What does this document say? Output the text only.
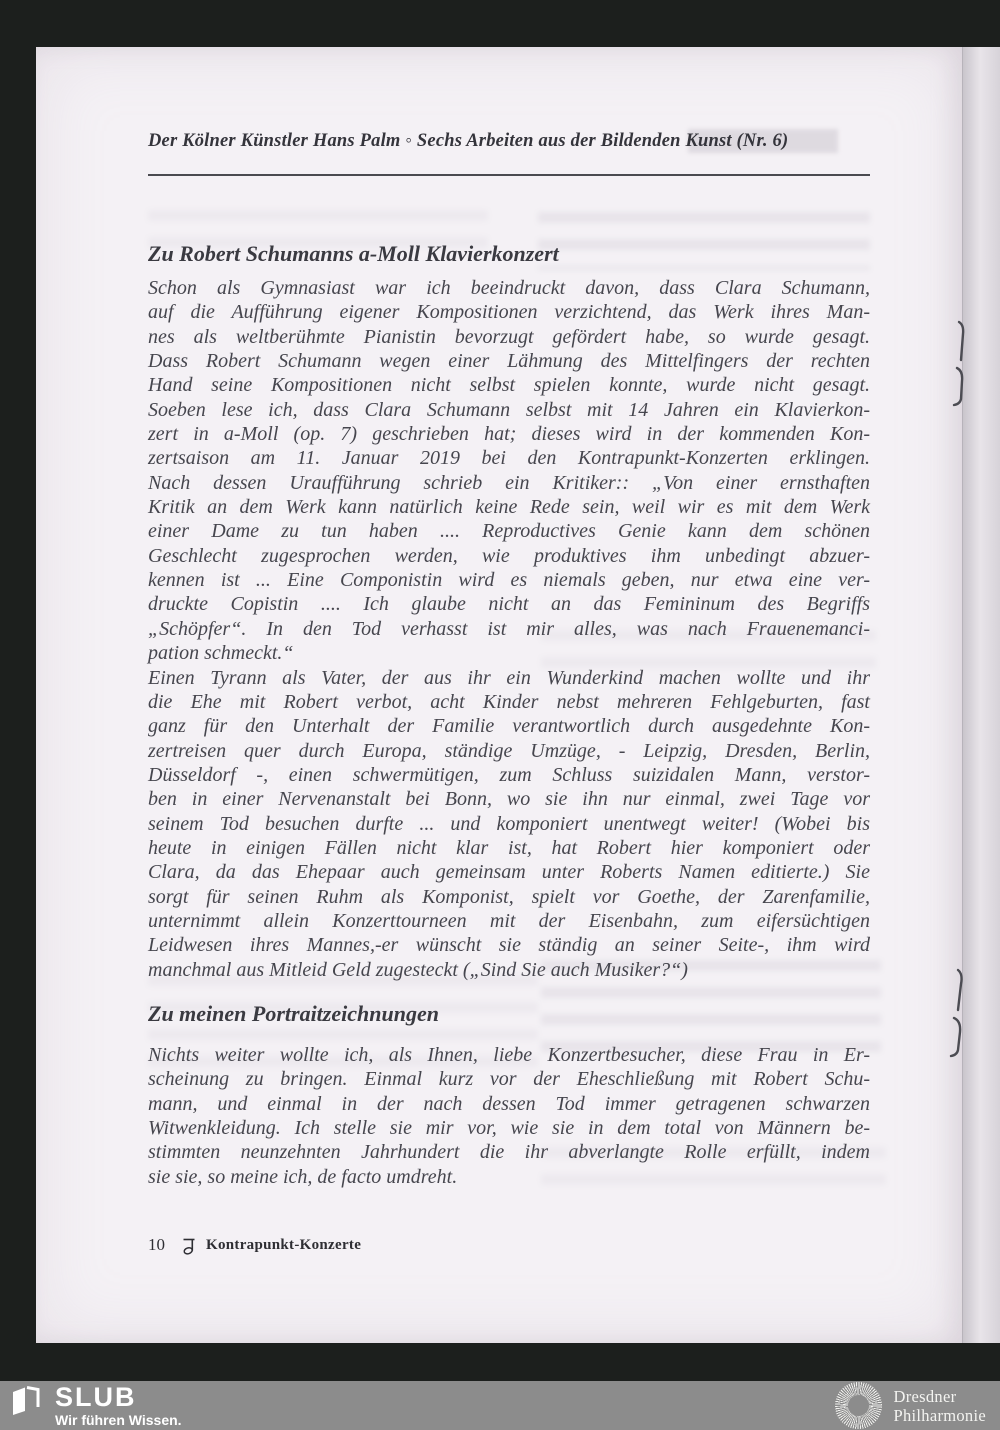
Der Kölner Künstler Hans Palm ◦ Sechs Arbeiten aus der Bildenden Kunst (Nr. 6)
Zu Robert Schumanns a-Moll Klavierkonzert
Schon als Gymnasiast war ich beeindruckt davon, dass Clara Schumann,
auf die Aufführung eigener Kompositionen verzichtend, das Werk ihres Man-
nes als weltberühmte Pianistin bevorzugt gefördert habe, so wurde gesagt.
Dass Robert Schumann wegen einer Lähmung des Mittelfingers der rechten
Hand seine Kompositionen nicht selbst spielen konnte, wurde nicht gesagt.
Soeben lese ich, dass Clara Schumann selbst mit 14 Jahren ein Klavierkon-
zert in a-Moll (op. 7) geschrieben hat; dieses wird in der kommenden Kon-
zertsaison am 11. Januar 2019 bei den Kontrapunkt-Konzerten erklingen.
Nach dessen Uraufführung schrieb ein Kritiker:: „Von einer ernsthaften
Kritik an dem Werk kann natürlich keine Rede sein, weil wir es mit dem Werk
einer Dame zu tun haben .... Reproductives Genie kann dem schönen
Geschlecht zugesprochen werden, wie produktives ihm unbedingt abzuer-
kennen ist ... Eine Componistin wird es niemals geben, nur etwa eine ver-
druckte Copistin .... Ich glaube nicht an das Femininum des Begriffs
„Schöpfer“. In den Tod verhasst ist mir alles, was nach Frauenemanci-
pation schmeckt.“
Einen Tyrann als Vater, der aus ihr ein Wunderkind machen wollte und ihr
die Ehe mit Robert verbot, acht Kinder nebst mehreren Fehlgeburten, fast
ganz für den Unterhalt der Familie verantwortlich durch ausgedehnte Kon-
zertreisen quer durch Europa, ständige Umzüge, - Leipzig, Dresden, Berlin,
Düsseldorf -, einen schwermütigen, zum Schluss suizidalen Mann, verstor-
ben in einer Nervenanstalt bei Bonn, wo sie ihn nur einmal, zwei Tage vor
seinem Tod besuchen durfte ... und komponiert unentwegt weiter! (Wobei bis
heute in einigen Fällen nicht klar ist, hat Robert hier komponiert oder
Clara, da das Ehepaar auch gemeinsam unter Roberts Namen editierte.) Sie
sorgt für seinen Ruhm als Komponist, spielt vor Goethe, der Zarenfamilie,
unternimmt allein Konzerttourneen mit der Eisenbahn, zum eifersüchtigen
Leidwesen ihres Mannes,-er wünscht sie ständig an seiner Seite-, ihm wird
manchmal aus Mitleid Geld zugesteckt („Sind Sie auch Musiker?“)
Zu meinen Portraitzeichnungen
Nichts weiter wollte ich, als Ihnen, liebe Konzertbesucher, diese Frau in Er-
scheinung zu bringen. Einmal kurz vor der Eheschließung mit Robert Schu-
mann, und einmal in der nach dessen Tod immer getragenen schwarzen
Witwenkleidung. Ich stelle sie mir vor, wie sie in dem total von Männern be-
stimmten neunzehnten Jahrhundert die ihr abverlangte Rolle erfüllt, indem
sie sie, so meine ich, de facto umdreht.
10	Kontrapunkt-Konzerte
SLUB
Wir führen Wissen.
Dresdner
Philharmonie
